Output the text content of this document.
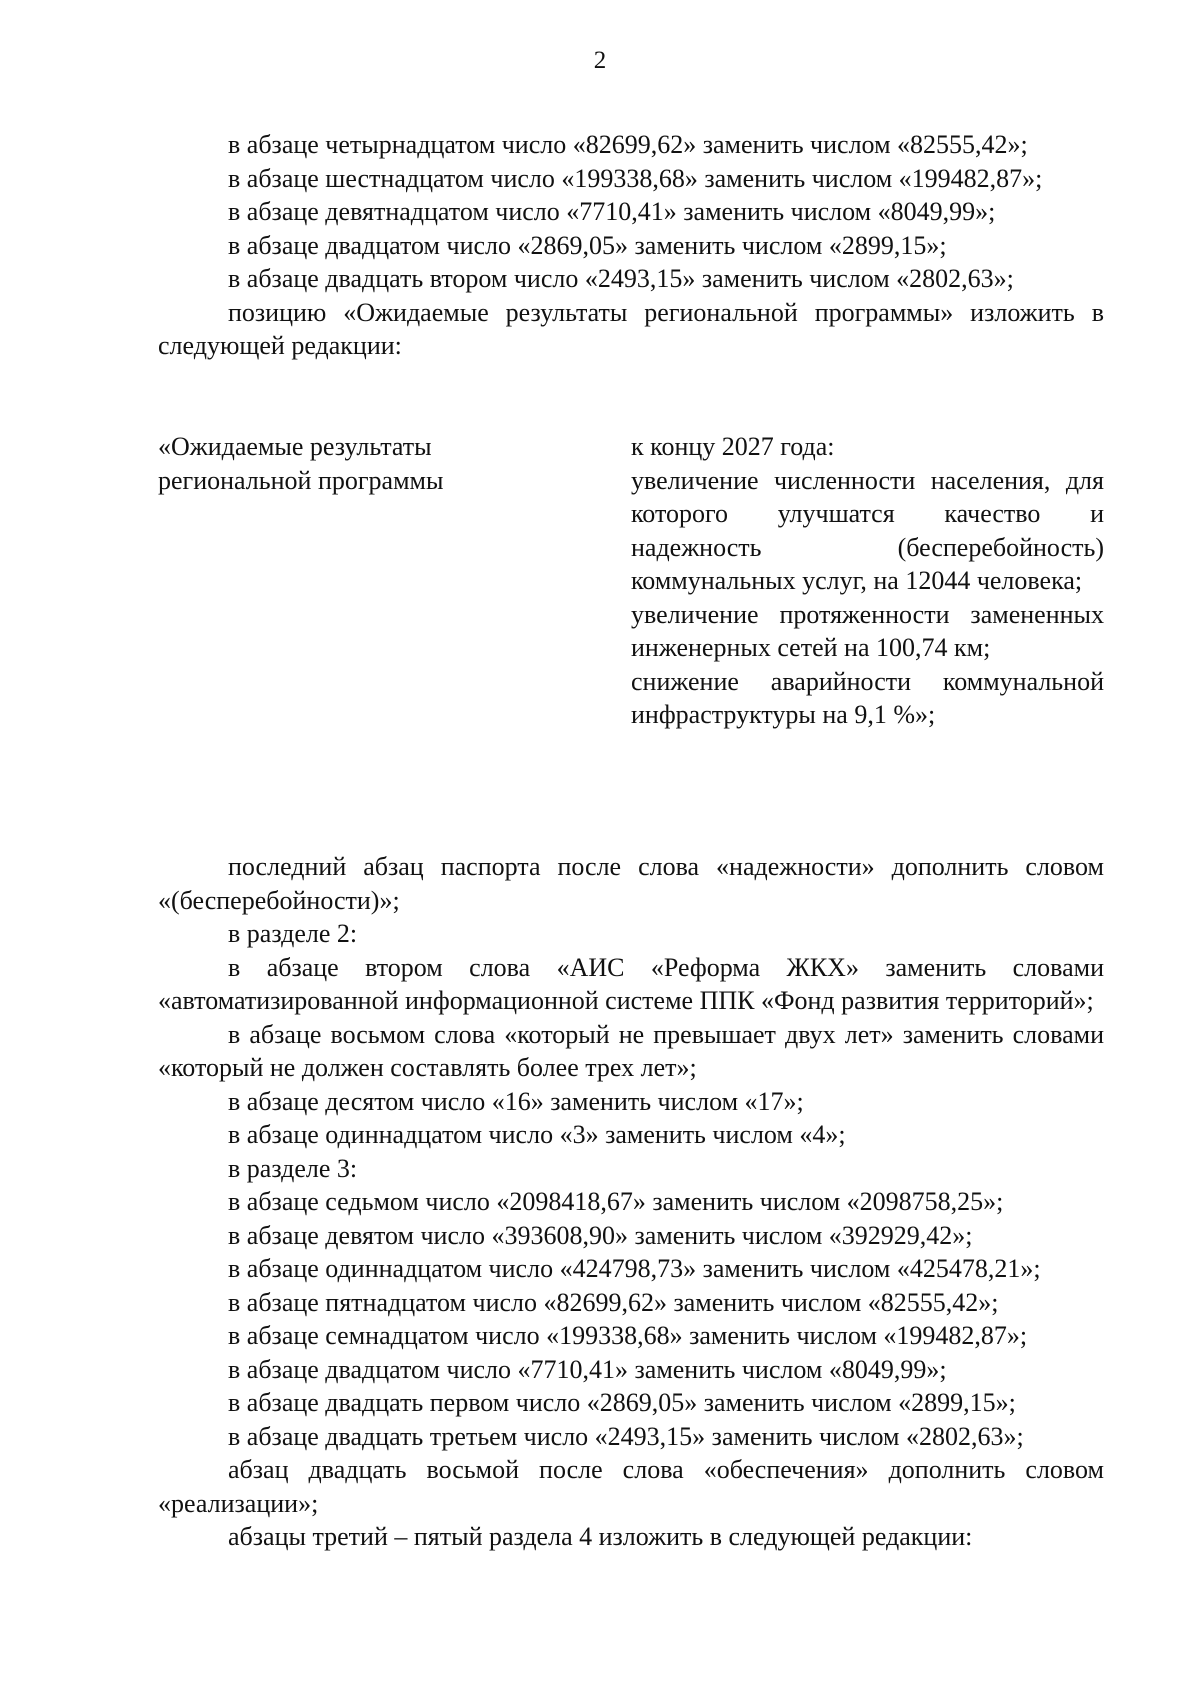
2

в абзаце четырнадцатом число «82699,62» заменить числом «82555,42»;

в абзаце шестнадцатом число «199338,68» заменить числом «199482,87»;

в абзаце девятнадцатом число «7710,41» заменить числом «8049,99»;

в абзаце двадцатом число «2869,05» заменить числом «2899,15»;

в абзаце двадцать втором число «2493,15» заменить числом «2802,63»;

позицию «Ожидаемые результаты региональной программы» изложить в следующей редакции:

«Ожидаемые результаты региональной программы

к концу 2027 года:

увеличение численности населения, для которого улучшатся качество и надежность (бесперебойность) коммунальных услуг, на 12044 человека;

увеличение протяженности замененных инженерных сетей на 100,74 км;

снижение аварийности коммунальной инфраструктуры на 9,1 %»;

последний абзац паспорта после слова «надежности» дополнить словом «(бесперебойности)»;

в разделе 2:

в абзаце втором слова «АИС «Реформа ЖКХ» заменить словами «автоматизированной информационной системе ППК «Фонд развития территорий»;

в абзаце восьмом слова «который не превышает двух лет» заменить словами «который не должен составлять более трех лет»;

в абзаце десятом число «16» заменить числом «17»;

в абзаце одиннадцатом число «3» заменить числом «4»;

в разделе 3:

в абзаце седьмом число «2098418,67» заменить числом «2098758,25»;

в абзаце девятом число «393608,90» заменить числом «392929,42»;

в абзаце одиннадцатом число «424798,73» заменить числом «425478,21»;

в абзаце пятнадцатом число «82699,62» заменить числом «82555,42»;

в абзаце семнадцатом число «199338,68» заменить числом «199482,87»;

в абзаце двадцатом число «7710,41» заменить числом «8049,99»;

в абзаце двадцать первом число «2869,05» заменить числом «2899,15»;

в абзаце двадцать третьем число «2493,15» заменить числом «2802,63»;

абзац двадцать восьмой после слова «обеспечения» дополнить словом «реализации»;

абзацы третий – пятый раздела 4 изложить в следующей редакции:
